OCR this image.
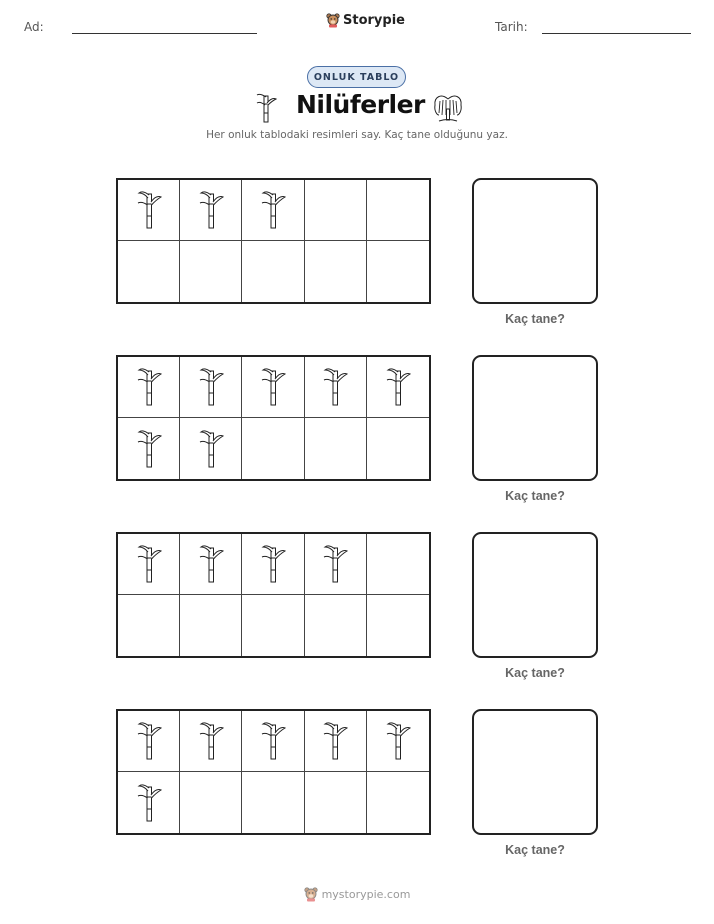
Ad:	Storypie	Tarih:
ONLUK TABLO
Nilüferler
Her onluk tablodaki resimleri say. Kaç tane olduğunu yaz.
Kaç tane?
Kaç tane?
Kaç tane?
Kaç tane?
mystorypie.com
